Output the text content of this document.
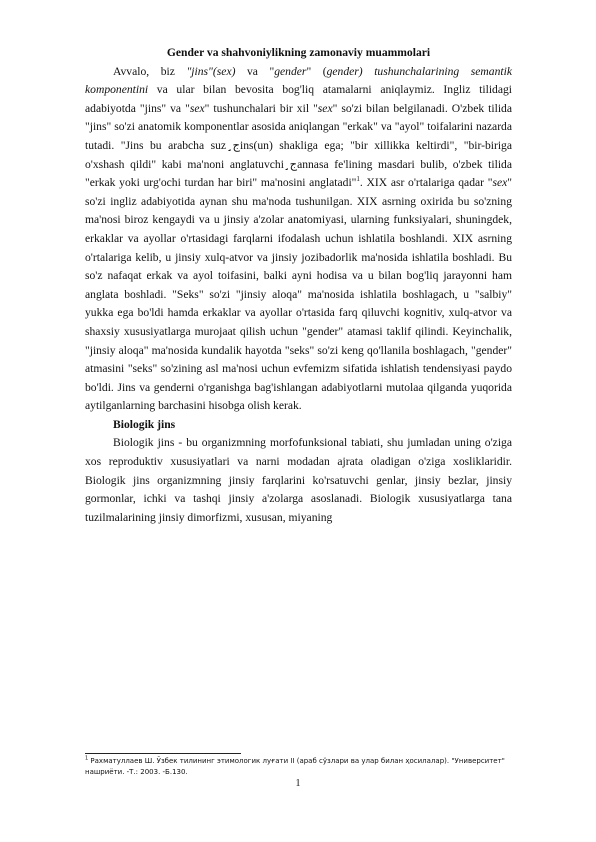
Gender va shahvoniylikning zamonaviy muammolari

Avvalo, biz "jins"(sex) va "gender" (gender) tushunchalarining semantik komponentini va ular bilan bevosita bog'liq atamalarni aniqlaymiz. Ingliz tilidagi adabiyotda "jins" va "sex" tushunchalari bir xil "sex" so'zi bilan belgilanadi. O'zbek tilida "jins" so'zi anatomik komponentlar asosida aniqlangan "erkak" va "ayol" toifalarini nazarda tutadi. "Jins bu arabcha suz ج̧ins(un) shaklіga ega; "bir xillikka keltirdi", "bir-biriga o'xshash qildi" kabi ma'noni anglatuvchi ج̧annasa fe'lining masdari bulib, o'zbek tilida "erkak yoki urg'ochi turdan har biri" ma'nosini anglatadi"$^1$. XIX asr o'rtalariga qadar "sex" so'zi ingliz adabiyotida aynan shu ma'noda tushunilgan. XIX asrning oxirida bu so'zning ma'nosi biroz kengaydi va u jinsiy a'zolar anatomiyasi, ularning funksiyalari, shuningdek, erkaklar va ayollar o'rtasidagi farqlarni ifodalash uchun ishlatila boshlandi. XIX asrning o'rtalariga kelib, u jinsiy xulq-atvor va jinsiy jozibadorlik ma'nosida ishlatila boshladi. Bu so'z nafaqat erkak va ayol toifasini, balki ayni hodisa va u bilan bog'liq jarayonni ham anglata boshladi. "Seks" so'zi "jinsiy aloqa" ma'nosida ishlatila boshlagach, u "salbiy" yukka ega bo'ldi hamda erkaklar va ayollar o'rtasida farq qiluvchi kognitiv, xulq-atvor va shaxsiy xususiyatlarga murojaat qilish uchun "gender" atamasi taklif qilindi. Keyinchalik, "jinsiy aloqa" ma'nosida kundalik hayotda "seks" so'zi keng qo'llanila boshlagach, "gender" atmasini "seks" so'zining asl ma'nosi uchun evfemizm sifatida ishlatish tendensiyasi paydo bo'ldi. Jins va genderni o'rganishga bag'ishlangan adabiyotlarni mutolaa qilganda yuqorida aytilganlarning barchasini hisobga olish kerak.

Biologik jins

Biologik jins - bu organizmning morfofunksional tabiati, shu jumladan uning o'ziga xos reproduktiv xususiyatlari va narni modadan ajrata oladigan o'ziga xosliklaridir. Biologik jins organizmning jinsiy farqlarini ko'rsatuvchi genlar, jinsiy bezlar, jinsiy gormonlar, ichki va tashqi jinsiy a'zolarga asoslanadi. Biologik xususiyatlarga tana tuzilmalarining jinsiy dimorfizmi, xususan, miyaning

$^1$ Рахматуллаев Ш. Ўзбек тилининг этимологик луғати II (араб сўзлари ва улар билан ҳосилалар). "Университет" нашриёти. -Т.: 2003. -Б.130.
1
